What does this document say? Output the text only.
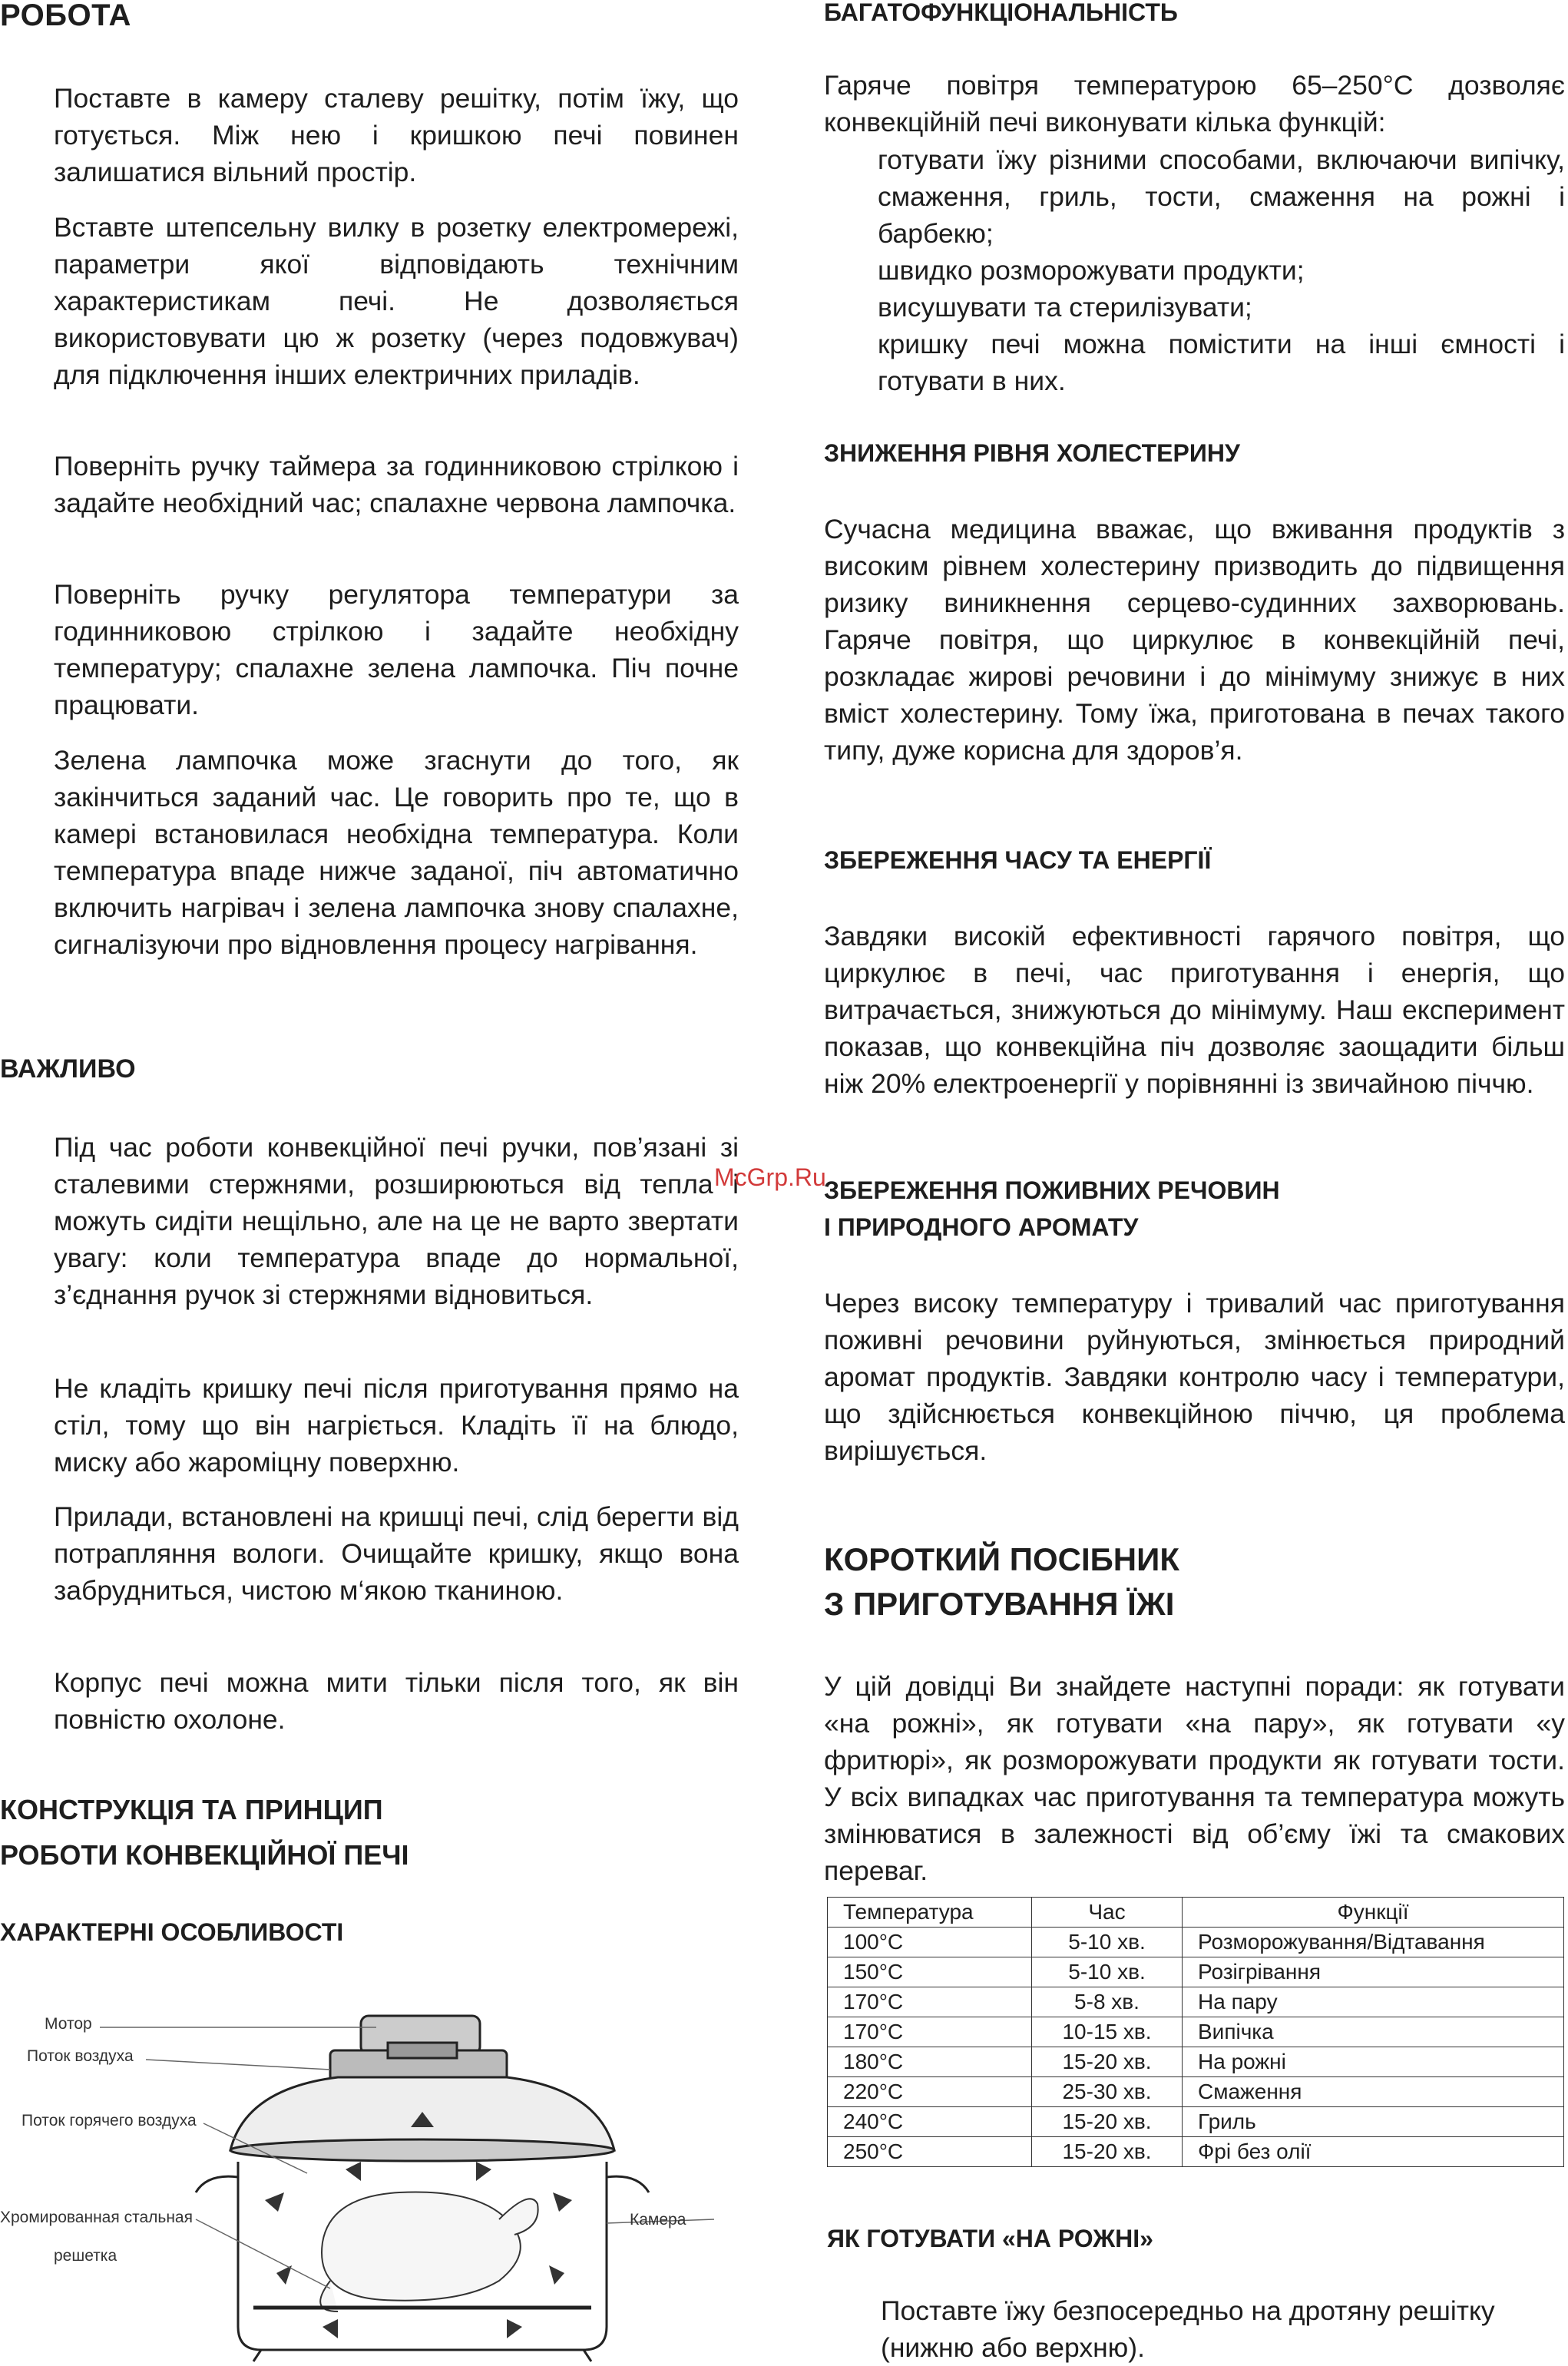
РОБОТА

Поставте в камеру сталеву решітку, потім їжу, що готується. Між нею і кришкою печі повинен залишатися вільний простір.

Вставте штепсельну вилку в розетку електромережі, параметри якої відповідають технічним характеристикам печі. Не дозволяється використовувати цю ж розетку (через подовжувач) для підключення інших електричних приладів.

Поверніть ручку таймера за годинниковою стрілкою і задайте необхідний час; спалахне червона лампочка.

Поверніть ручку регулятора температури за годинниковою стрілкою і задайте необхідну температуру; спалахне зелена лампочка. Піч почне працювати.

Зелена лампочка може згаснути до того, як закінчиться заданий час. Це говорить про те, що в камері встановилася необхідна температура. Коли температура впаде нижче заданої, піч автоматично включить нагрівач і зелена лампочка знову спалахне, сигналізуючи про відновлення процесу нагрівання.

ВАЖЛИВО

Під час роботи конвекційної печі ручки, пов’язані зі сталевими стержнями, розширюються від тепла і можуть сидіти нещільно, але на це не варто звертати увагу: коли температура впаде до нормальної, з’єднання ручок зі стержнями відновиться.

Не кладіть кришку печі після приготування прямо на стіл, тому що він нагріється. Кладіть її на блюдо, миску або жароміцну поверхню.

Прилади, встановлені на кришці печі, слід берегти від потрапляння вологи. Очищайте кришку, якщо вона забрудниться, чистою м‘якою тканиною.

Корпус печі можна мити тільки після того, як він повністю охолоне.

КОНСТРУКЦІЯ ТА ПРИНЦИП
РОБОТИ КОНВЕКЦІЙНОЇ ПЕЧІ
ХАРАКТЕРНІ ОСОБЛИВОСТІ
Мотор
Поток воздуха
Поток горячего воздуха
Хромированная стальная
решетка
Камера
БАГАТОФУНКЦІОНАЛЬНІСТЬ

Гаряче повітря температурою 65–250°С дозволяє конвекційній печі виконувати кілька функцій:

готувати їжу різними способами, включаючи випічку, смаження, гриль, тости, смаження на рожні і барбекю;

швидко розморожувати продукти;

висушувати та стерилізувати;

кришку печі можна помістити на інші ємності і готувати в них.

ЗНИЖЕННЯ РІВНЯ ХОЛЕСТЕРИНУ

Сучасна медицина вважає, що вживання продуктів з високим рівнем холестерину призводить до підвищення ризику виникнення серцево-судинних захворювань. Гаряче повітря, що циркулює в конвекційній печі, розкладає жирові речовини і до мінімуму знижує в них вміст холестерину. Тому їжа, приготована в печах такого типу, дуже корисна для здоров’я.

ЗБЕРЕЖЕННЯ ЧАСУ ТА ЕНЕРГІЇ

Завдяки високій ефективності гарячого повітря, що циркулює в печі, час приготування і енергія, що витрачається, знижуються до мінімуму. Наш експеримент показав, що конвекційна піч дозволяє заощадити більш ніж 20% електроенергії у порівнянні із звичайною піччю.

ЗБЕРЕЖЕННЯ ПОЖИВНИХ РЕЧОВИН
І ПРИРОДНОГО АРОМАТУ

Через високу температуру і тривалий час приготування поживні речовини руйнуються, змінюється природний аромат продуктів. Завдяки контролю часу і температури, що здійснюється конвекційною піччю, ця проблема вирішується.

КОРОТКИЙ ПОСІБНИК
З ПРИГОТУВАННЯ ЇЖІ

У цій довідці Ви знайдете наступні поради: як готувати «на рожні», як готувати «на пару», як готувати «у фритюрі», як розморожувати продукти як готувати тости. У всіх випадках час приготування та температура можуть змінюватися в залежності від об’єму їжі та смакових переваг.

Температура	Час	Функції
100°С	5-10 хв.	Розморожування/Відтавання
150°С	5-10 хв.	Розігрівання
170°С	5-8 хв.	На пару
170°С	10-15 хв.	Випічка
180°С	15-20 хв.	На рожні
220°С	25-30 хв.	Смаження
240°С	15-20 хв.	Гриль
250°С	15-20 хв.	Фрі без олії
ЯК ГОТУВАТИ «НА РОЖНІ»

Поставте їжу безпосередньо на дротяну решітку (нижню або верхню).

McGrp.Ru
